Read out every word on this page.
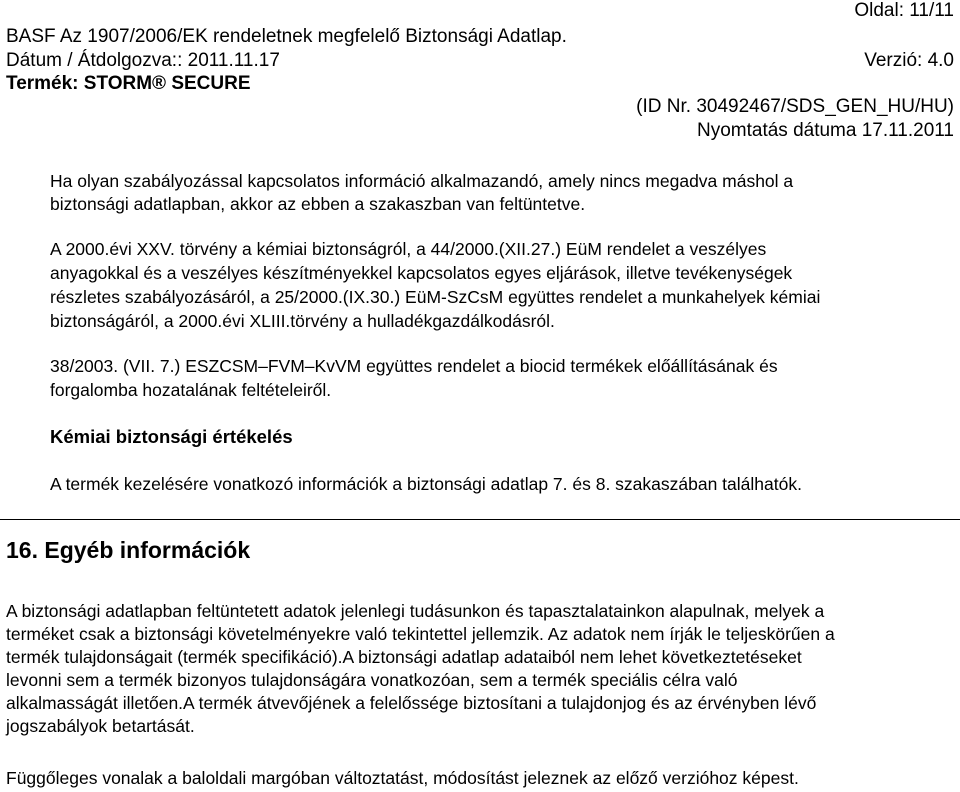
Oldal: 11/11
BASF Az 1907/2006/EK rendeletnek megfelelő Biztonsági Adatlap.
Dátum / Átdolgozva:: 2011.11.17	Verzió: 4.0
Termék: STORM® SECURE
(ID Nr. 30492467/SDS_GEN_HU/HU)
Nyomtatás dátuma 17.11.2011
Ha olyan szabályozással kapcsolatos információ alkalmazandó, amely nincs megadva máshol a
biztonsági adatlapban, akkor az ebben a szakaszban van feltüntetve.
A 2000.évi XXV. törvény a kémiai biztonságról, a 44/2000.(XII.27.) EüM rendelet a veszélyes
anyagokkal és a veszélyes készítményekkel kapcsolatos egyes eljárások, illetve tevékenységek
részletes szabályozásáról, a 25/2000.(IX.30.) EüM-SzCsM együttes rendelet a munkahelyek kémiai
biztonságáról, a 2000.évi XLIII.törvény a hulladékgazdálkodásról.
38/2003. (VII. 7.) ESZCSM–FVM–KvVM együttes rendelet a biocid termékek előállításának és
forgalomba hozatalának feltételeiről.
Kémiai biztonsági értékelés
A termék kezelésére vonatkozó információk a biztonsági adatlap 7. és 8. szakaszában találhatók.
16. Egyéb információk
A biztonsági adatlapban feltüntetett adatok jelenlegi tudásunkon és tapasztalatainkon alapulnak, melyek a
terméket csak a biztonsági követelményekre való tekintettel jellemzik. Az adatok nem írják le teljeskörűen a
termék tulajdonságait (termék specifikáció).A biztonsági adatlap adataiból nem lehet következtetéseket
levonni sem a termék bizonyos tulajdonságára vonatkozóan, sem a termék speciális célra való
alkalmasságát illetően.A termék átvevőjének a felelőssége biztosítani a tulajdonjog és az érvényben lévő
jogszabályok betartását.
Függőleges vonalak a baloldali margóban változtatást, módosítást jeleznek az előző verzióhoz képest.
